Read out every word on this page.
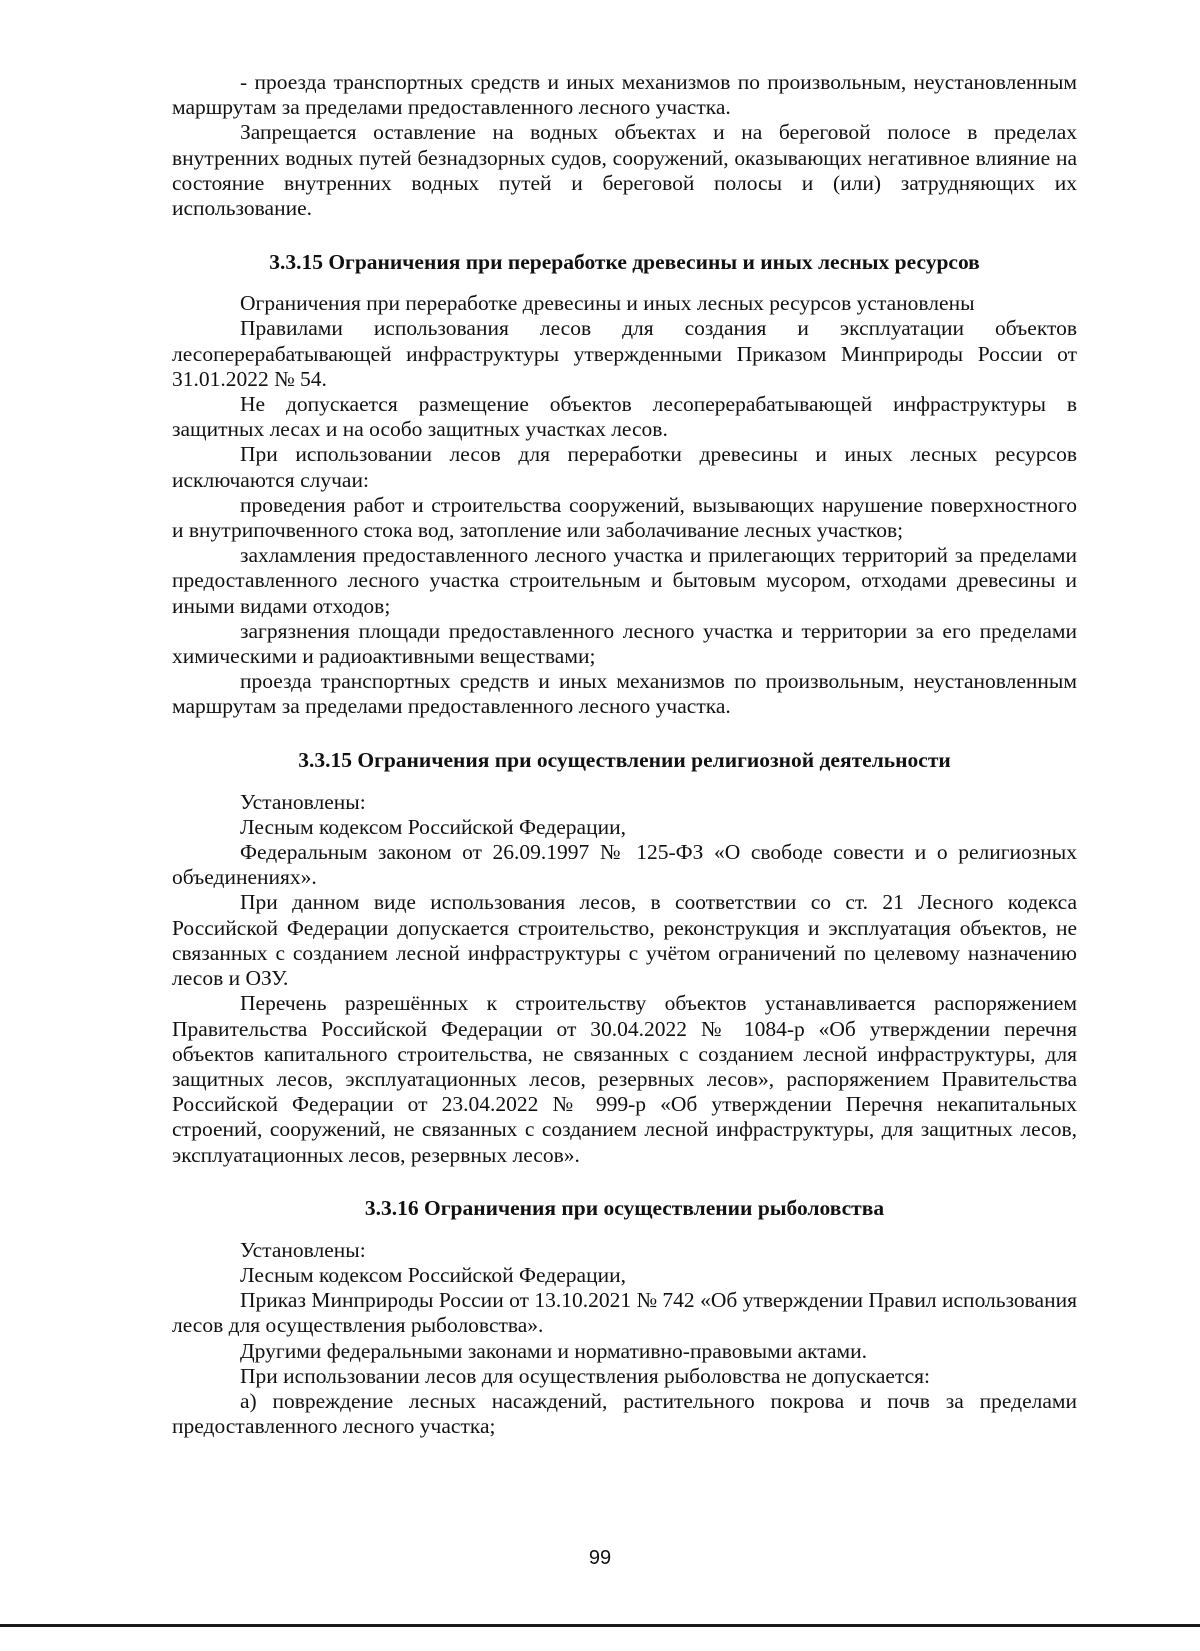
- проезда транспортных средств и иных механизмов по произвольным, неустановленным маршрутам за пределами предоставленного лесного участка.

Запрещается оставление на водных объектах и на береговой полосе в пределах внутренних водных путей безнадзорных судов, сооружений, оказывающих негативное влияние на состояние внутренних водных путей и береговой полосы и (или) затрудняющих их использование.

3.3.15 Ограничения при переработке древесины и иных лесных ресурсов

Ограничения при переработке древесины и иных лесных ресурсов установлены

Правилами использования лесов для создания и эксплуатации объектов лесоперерабатывающей инфраструктуры утвержденными Приказом Минприроды России от 31.01.2022 № 54.

Не допускается размещение объектов лесоперерабатывающей инфраструктуры в защитных лесах и на особо защитных участках лесов.

При использовании лесов для переработки древесины и иных лесных ресурсов исключаются случаи:

проведения работ и строительства сооружений, вызывающих нарушение поверхностного и внутрипочвенного стока вод, затопление или заболачивание лесных участков;

захламления предоставленного лесного участка и прилегающих территорий за пределами предоставленного лесного участка строительным и бытовым мусором, отходами древесины и иными видами отходов;

загрязнения площади предоставленного лесного участка и территории за его пределами химическими и радиоактивными веществами;

проезда транспортных средств и иных механизмов по произвольным, неустановленным маршрутам за пределами предоставленного лесного участка.

3.3.15 Ограничения при осуществлении религиозной деятельности

Установлены:

Лесным кодексом Российской Федерации,

Федеральным законом от 26.09.1997 № 125-ФЗ «О свободе совести и о религиозных объединениях».

При данном виде использования лесов, в соответствии со ст. 21 Лесного кодекса Российской Федерации допускается строительство, реконструкция и эксплуатация объектов, не связанных с созданием лесной инфраструктуры с учётом ограничений по целевому назначению лесов и ОЗУ.

Перечень разрешённых к строительству объектов устанавливается распоряжением Правительства Российской Федерации от 30.04.2022 № 1084-р «Об утверждении перечня объектов капитального строительства, не связанных с созданием лесной инфраструктуры, для защитных лесов, эксплуатационных лесов, резервных лесов», распоряжением Правительства Российской Федерации от 23.04.2022 № 999-р «Об утверждении Перечня некапитальных строений, сооружений, не связанных с созданием лесной инфраструктуры, для защитных лесов, эксплуатационных лесов, резервных лесов».

3.3.16 Ограничения при осуществлении рыболовства

Установлены:

Лесным кодексом Российской Федерации,

Приказ Минприроды России от 13.10.2021 № 742 «Об утверждении Правил использования лесов для осуществления рыболовства».

Другими федеральными законами и нормативно-правовыми актами.

При использовании лесов для осуществления рыболовства не допускается:

а) повреждение лесных насаждений, растительного покрова и почв за пределами предоставленного лесного участка;

99
